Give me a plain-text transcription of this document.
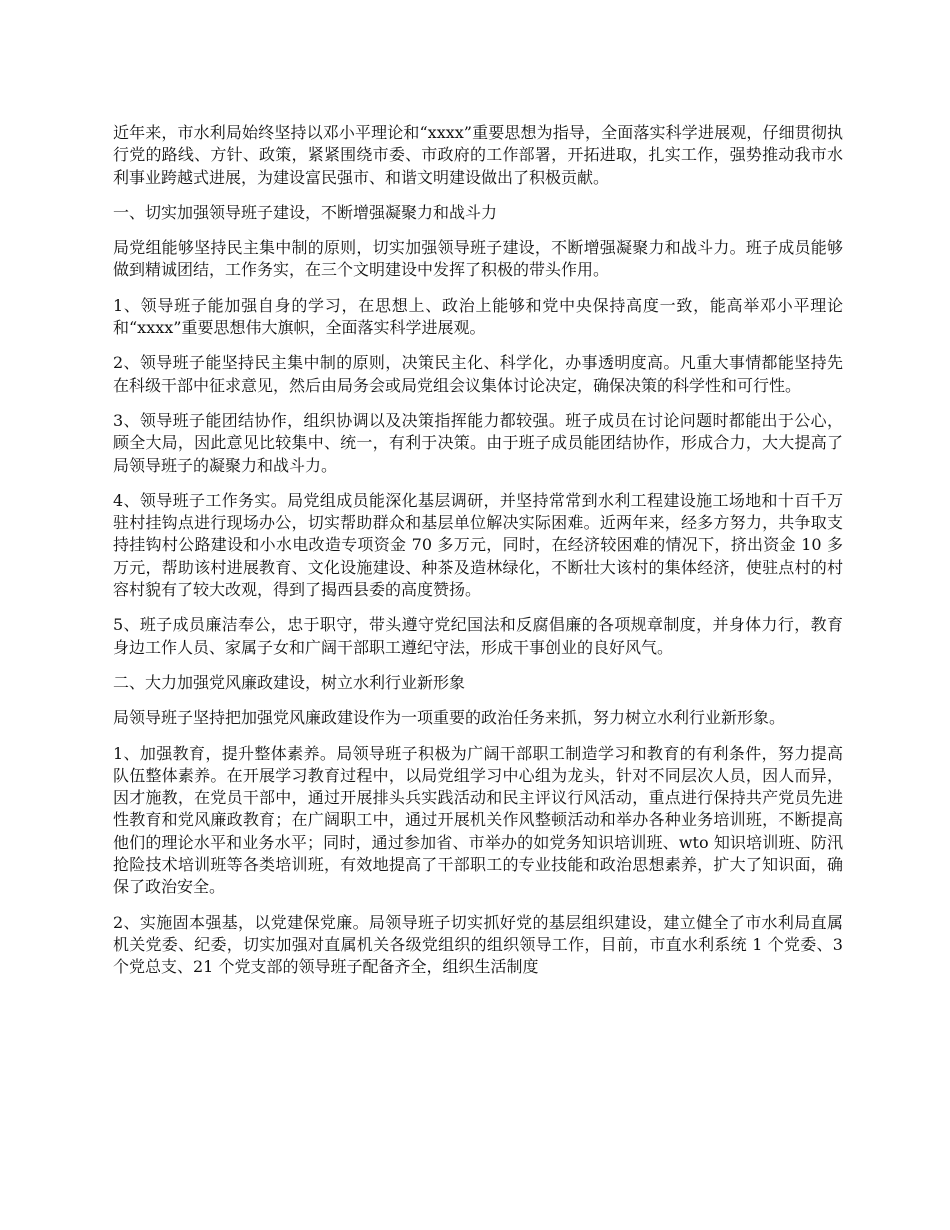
近年来，市水利局始终坚持以邓小平理论和“xxxx”重要思想为指导，全面落实科学进展观，仔细贯彻执行党的路线、方针、政策，紧紧围绕市委、市政府的工作部署，开拓进取，扎实工作，强势推动我市水利事业跨越式进展，为建设富民强市、和谐文明建设做出了积极贡献。

一、切实加强领导班子建设，不断增强凝聚力和战斗力

局党组能够坚持民主集中制的原则，切实加强领导班子建设，不断增强凝聚力和战斗力。班子成员能够做到精诚团结，工作务实，在三个文明建设中发挥了积极的带头作用。

1、领导班子能加强自身的学习，在思想上、政治上能够和党中央保持高度一致，能高举邓小平理论和“xxxx”重要思想伟大旗帜，全面落实科学进展观。

2、领导班子能坚持民主集中制的原则，决策民主化、科学化，办事透明度高。凡重大事情都能坚持先在科级干部中征求意见，然后由局务会或局党组会议集体讨论决定，确保决策的科学性和可行性。

3、领导班子能团结协作，组织协调以及决策指挥能力都较强。班子成员在讨论问题时都能出于公心，顾全大局，因此意见比较集中、统一，有利于决策。由于班子成员能团结协作，形成合力，大大提高了局领导班子的凝聚力和战斗力。

4、领导班子工作务实。局党组成员能深化基层调研，并坚持常常到水利工程建设施工场地和十百千万驻村挂钩点进行现场办公，切实帮助群众和基层单位解决实际困难。近两年来，经多方努力，共争取支持挂钩村公路建设和小水电改造专项资金 70 多万元，同时，在经济较困难的情况下，挤出资金 10 多万元，帮助该村进展教育、文化设施建设、种茶及造林绿化，不断壮大该村的集体经济，使驻点村的村容村貌有了较大改观，得到了揭西县委的高度赞扬。

5、班子成员廉洁奉公，忠于职守，带头遵守党纪国法和反腐倡廉的各项规章制度，并身体力行，教育身边工作人员、家属子女和广阔干部职工遵纪守法，形成干事创业的良好风气。

二、大力加强党风廉政建设，树立水利行业新形象

局领导班子坚持把加强党风廉政建设作为一项重要的政治任务来抓，努力树立水利行业新形象。

1、加强教育，提升整体素养。局领导班子积极为广阔干部职工制造学习和教育的有利条件，努力提高队伍整体素养。在开展学习教育过程中，以局党组学习中心组为龙头，针对不同层次人员，因人而异，因才施教，在党员干部中，通过开展排头兵实践活动和民主评议行风活动，重点进行保持共产党员先进性教育和党风廉政教育；在广阔职工中，通过开展机关作风整顿活动和举办各种业务培训班，不断提高他们的理论水平和业务水平；同时，通过参加省、市举办的如党务知识培训班、wto 知识培训班、防汛抢险技术培训班等各类培训班，有效地提高了干部职工的专业技能和政治思想素养，扩大了知识面，确保了政治安全。

2、实施固本强基，以党建保党廉。局领导班子切实抓好党的基层组织建设，建立健全了市水利局直属机关党委、纪委，切实加强对直属机关各级党组织的组织领导工作，目前，市直水利系统 1 个党委、3 个党总支、21 个党支部的领导班子配备齐全，组织生活制度
